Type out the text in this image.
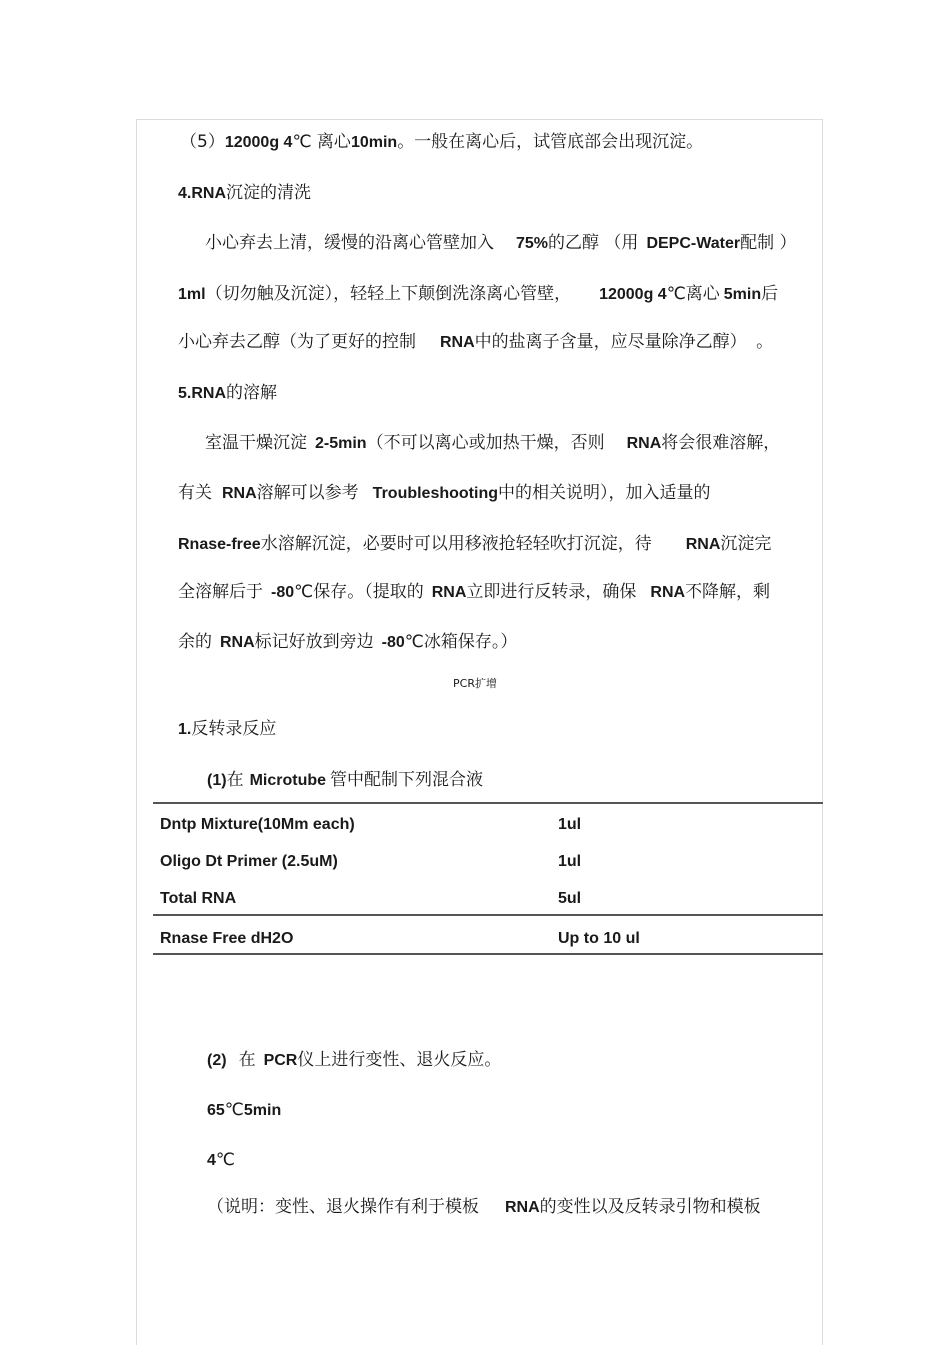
（5）12000g 4℃ 离心10min。一般在离心后，试管底部会出现沉淀。
4.RNA沉淀的清洗
小心弃去上清，缓慢的沿离心管壁加入 75%的乙醇 （用 DEPC-Water配制 ）
1ml（切勿触及沉淀），轻轻上下颠倒洗涤离心管壁， 12000g 4℃离心 5min后
小心弃去乙醇（为了更好的控制 RNA中的盐离子含量，应尽量除净乙醇） 。
5.RNA的溶解
室温干燥沉淀 2-5min（不可以离心或加热干燥，否则 RNA将会很难溶解，
有关 RNA溶解可以参考 Troubleshooting中的相关说明），加入适量的
Rnase-free水溶解沉淀，必要时可以用移液抢轻轻吹打沉淀，待 RNA沉淀完
全溶解后于 -80℃保存。（提取的 RNA立即进行反转录，确保 RNA不降解，剩
余的 RNA标记好放到旁边 -80℃冰箱保存。）
PCR扩增
1.反转录反应
(1)在 Microtube 管中配制下列混合液
Dntp Mixture(10Mm each)	1ul
Oligo Dt Primer (2.5uM)	1ul
Total RNA	5ul
Rnase Free dH2O	Up to 10 ul
(2) 在 PCR仪上进行变性、退火反应。
65℃5min
4℃
（说明：变性、退火操作有利于模板 RNA的变性以及反转录引物和模板
